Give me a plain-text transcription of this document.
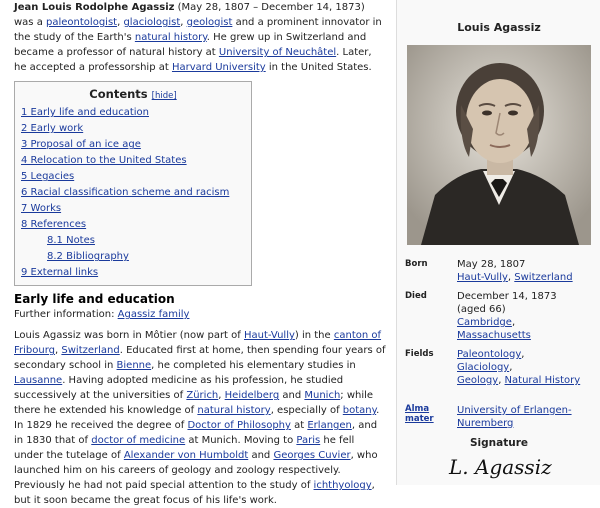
Jean Louis Rodolphe Agassiz (May 28, 1807 – December 14, 1873) was a paleontologist, glaciologist, geologist and a prominent innovator in the study of the Earth's natural history. He grew up in Switzerland and became a professor of natural history at University of Neuchâtel. Later, he accepted a professorship at Harvard University in the United States.

Contents [hide]
1 Early life and education
2 Early work
3 Proposal of an ice age
4 Relocation to the United States
5 Legacies
6 Racial classification scheme and racism
7 Works
8 References
8.1 Notes
8.2 Bibliography
9 External links
Early life and education
Further information: Agassiz family

Louis Agassiz was born in Môtier (now part of Haut-Vully) in the canton of Fribourg, Switzerland. Educated first at home, then spending four years of secondary school in Bienne, he completed his elementary studies in Lausanne. Having adopted medicine as his profession, he studied successively at the universities of Zürich, Heidelberg and Munich; while there he extended his knowledge of natural history, especially of botany. In 1829 he received the degree of Doctor of Philosophy at Erlangen, and in 1830 that of doctor of medicine at Munich. Moving to Paris he fell under the tutelage of Alexander von Humboldt and Georges Cuvier, who launched him on his careers of geology and zoology respectively. Previously he had not paid special attention to the study of ichthyology, but it soon became the great focus of his life's work.

Louis Agassiz
Born	May 28, 1807
Haut-Vully, Switzerland
Died	December 14, 1873
(aged 66)
Cambridge,
Massachusetts
Fields Paleontology,
Glaciology,
Geology, Natural History
Alma mater
University of Erlangen-Nuremberg
Signature
L. Agassiz
